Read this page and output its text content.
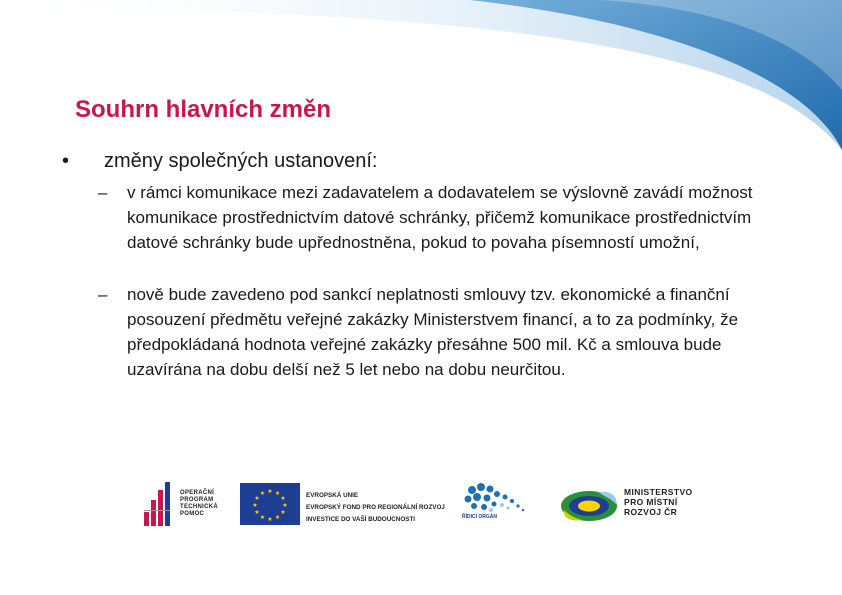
Souhrn hlavních změn
• změny společných ustanovení:
– v rámci komunikace mezi zadavatelem a dodavatelem se výslovně zavádí možnost komunikace prostřednictvím datové schránky, přičemž komunikace prostřednictvím datové schránky bude upřednostněna, pokud to povaha písemností umožní,
– nově bude zavedeno pod sankcí neplatnosti smlouvy tzv. ekonomické a finanční posouzení předmětu veřejné zakázky Ministerstvem financí, a to za podmínky, že předpokládaná hodnota veřejné zakázky přesáhne 500 mil. Kč a smlouva bude uzavírána na dobu delší než 5 let nebo na dobu neurčitou.
OPERAČNÍ
PROGRAM
TECHNICKÁ
POMOC
★ ★
★
★
★
★
★
★
★
★
★
★	EVROPSKÁ UNIE
EVROPSKÝ FOND PRO REGIONÁLNÍ ROZVOJ
INVESTICE DO VAŠÍ BUDOUCNOSTI	ŘÍDICÍ ORGÁN
MINISTERSTVO
PRO MÍSTNÍ
ROZVOJ ČR
